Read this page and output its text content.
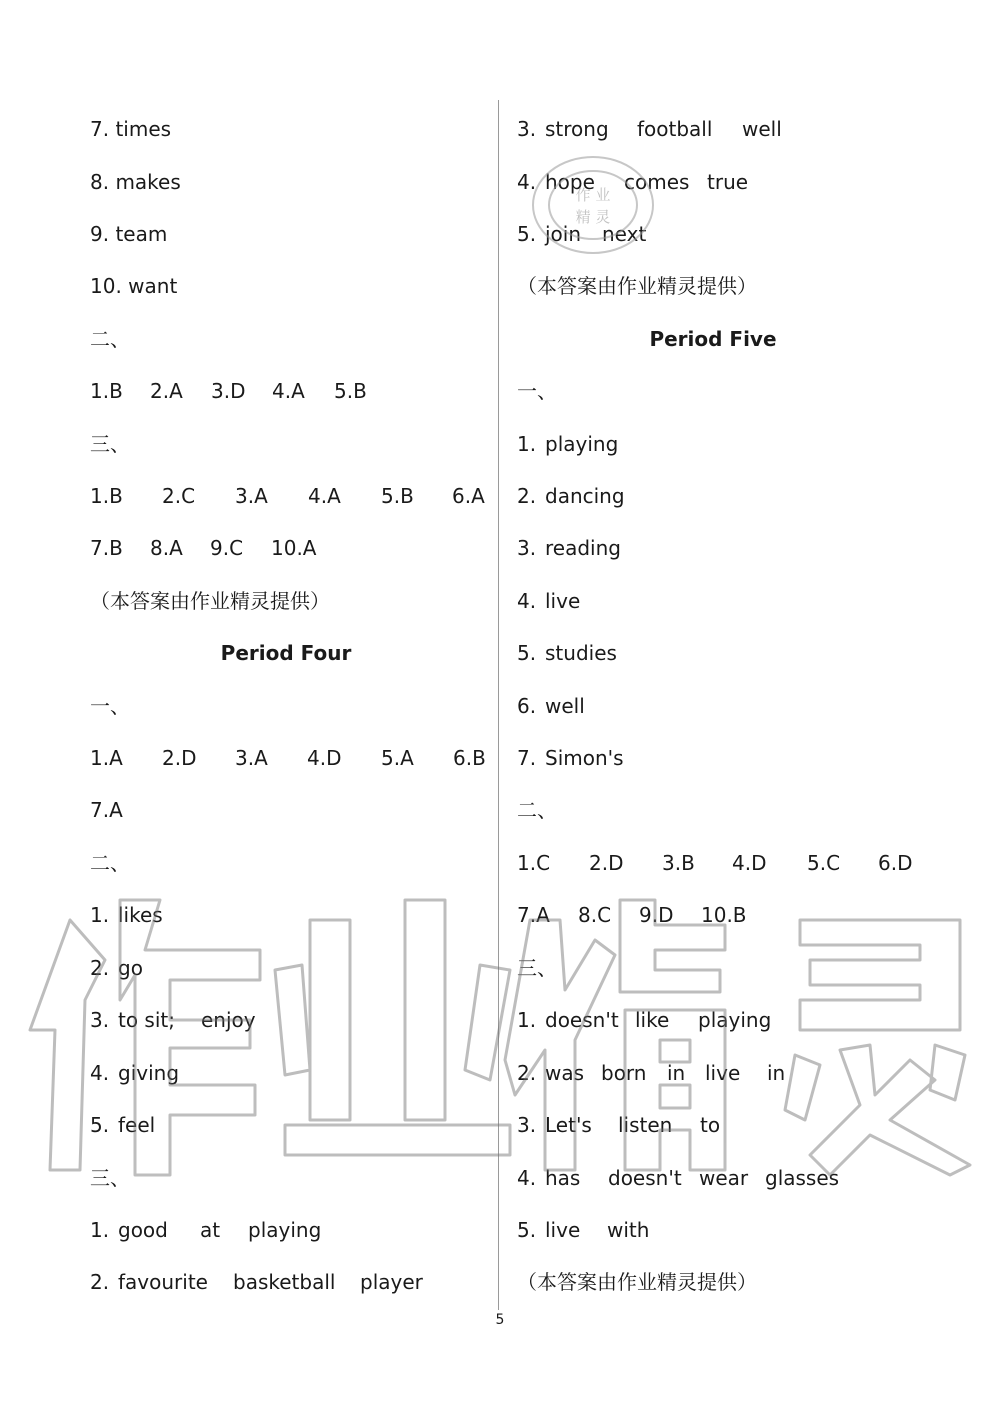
7. times
8. makes
9. team
10. want
二、
1.B 2.A 3.D 4.A 5.B
三、
1.B 2.C 3.A 4.A 5.B 6.A
7.B 8.A 9.C 10.A
（本答案由作业精灵提供）
Period Four
一、
1.A 2.D 3.A 4.D 5.A 6.B
7.A
二、
1. likes
2. go
3. to sit; enjoy
4. giving
5. feel
三、
1. good at playing
2. favourite basketball player
3. strong football well
4. hope comes true
5. join next
（本答案由作业精灵提供）
Period Five
一、
1. playing
2. dancing
3. reading
4. live
5. studies
6. well
7. Simon's
二、
1.C 2.D 3.B 4.D 5.C 6.D
7.A 8.C 9.D 10.B
三、
1. doesn't like playing
2. was born in live in
3. Let's listen to
4. has doesn't wear glasses
5. live with
（本答案由作业精灵提供）
5
作 业
精 灵
